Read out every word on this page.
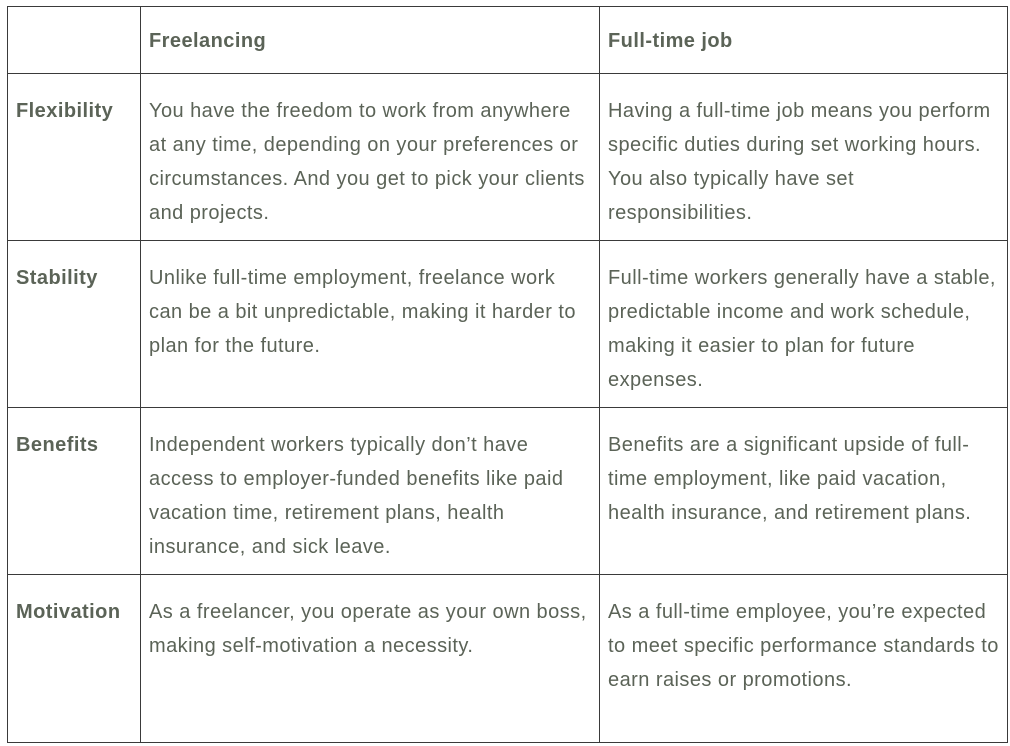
	Freelancing	Full-time job
Flexibility	You have the freedom to work from anywhere at any time, depending on your preferences or circumstances. And you get to pick your clients and projects.	Having a full-time job means you perform specific duties during set working hours. You also typically have set responsibilities.
Stability	Unlike full-time employment, freelance work can be a bit unpredictable, making it harder to plan for the future.	Full-time workers generally have a stable, predictable income and work schedule, making it easier to plan for future expenses.
Benefits	Independent workers typically don’t have access to employer-funded benefits like paid vacation time, retirement plans, health insurance, and sick leave.	Benefits are a significant upside of full-time employment, like paid vacation, health insurance, and retirement plans.
Motivation	As a freelancer, you operate as your own boss, making self-motivation a necessity.	As a full-time employee, you’re expected to meet specific performance standards to earn raises or promotions.
